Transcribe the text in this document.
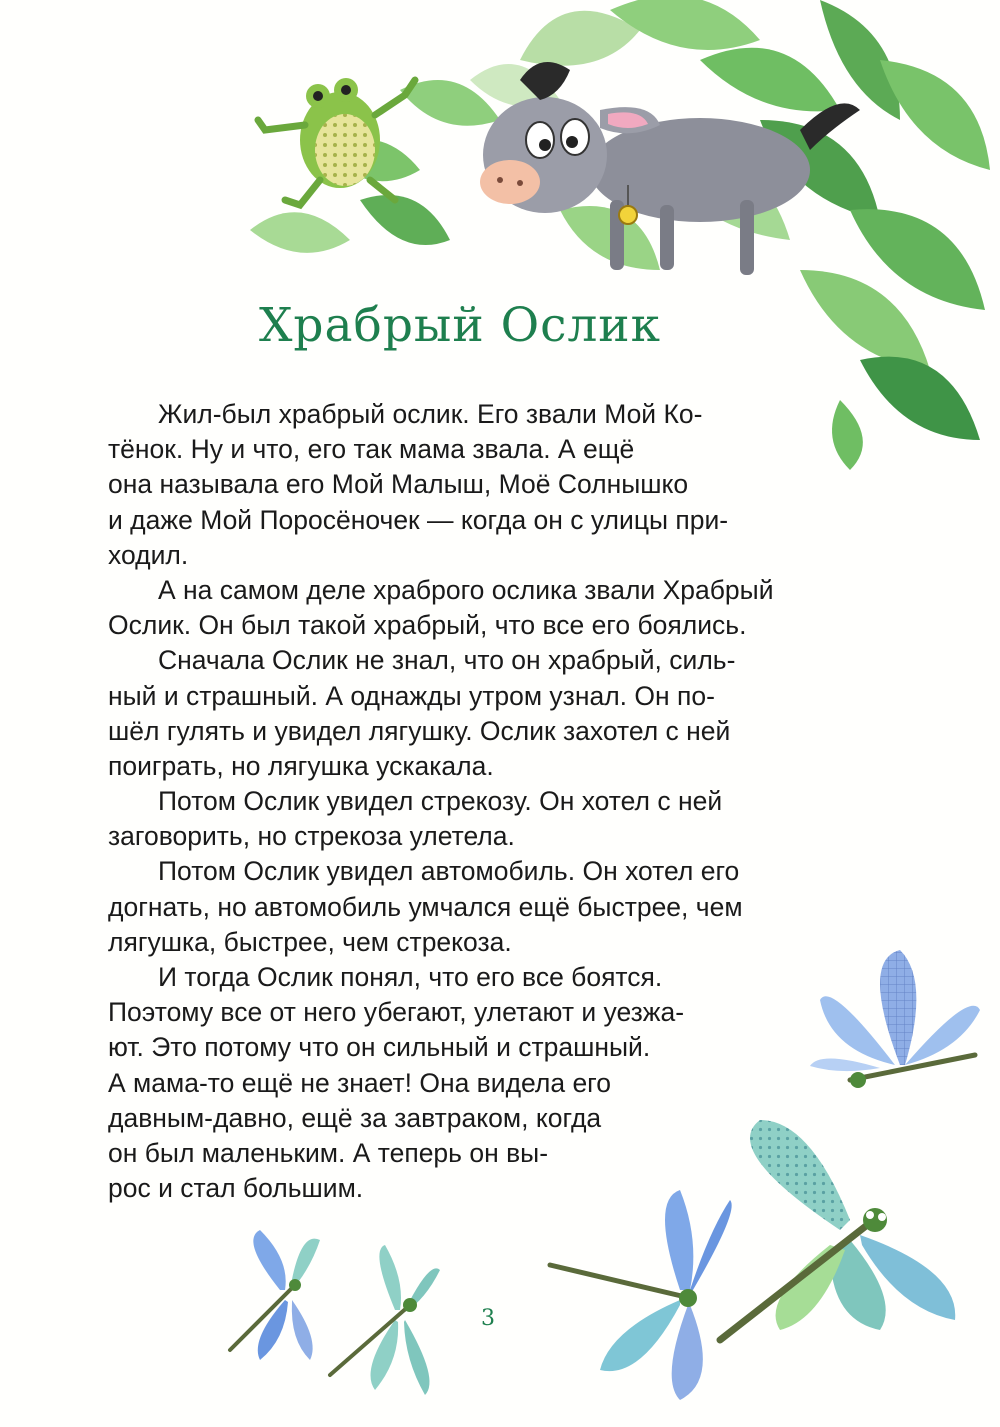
Храбрый Ослик
Жил-был храбрый ослик. Его звали Мой Ко-
тёнок. Ну и что, его так мама звала. А ещё
она называла его Мой Малыш, Моё Солнышко
и даже Мой Поросёночек — когда он с улицы при-
ходил.
А на самом деле храброго ослика звали Храбрый
Ослик. Он был такой храбрый, что все его боялись.
Сначала Ослик не знал, что он храбрый, силь-
ный и страшный. А однажды утром узнал. Он по-
шёл гулять и увидел лягушку. Ослик захотел с ней
поиграть, но лягушка ускакала.
Потом Ослик увидел стрекозу. Он хотел с ней
заговорить, но стрекоза улетела.
Потом Ослик увидел автомобиль. Он хотел его
догнать, но автомобиль умчался ещё быстрее, чем
лягушка, быстрее, чем стрекоза.
И тогда Ослик понял, что его все боятся.
Поэтому все от него убегают, улетают и уезжа-
ют. Это потому что он сильный и страшный.
А мама-то ещё не знает! Она видела его
давным-давно, ещё за завтраком, когда
он был маленьким. А теперь он вы-
рос и стал большим.
3
